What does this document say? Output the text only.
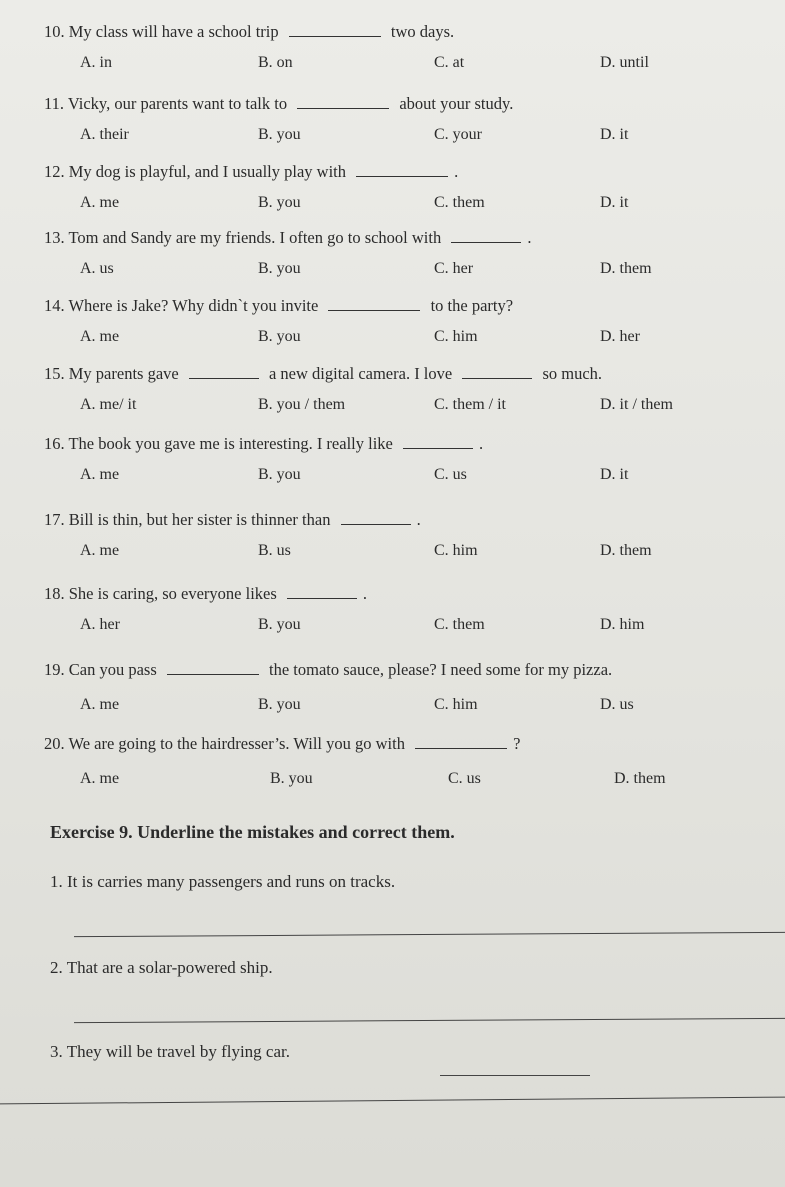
10. My class will have a school trip	two days.
A. in	B. on	C. at	D. until
11. Vicky, our parents want to talk to	about your study.
A. their	B. you	C. your	D. it
12. My dog is playful, and I usually play with	.
A. me	B. you	C. them	D. it
13. Tom and Sandy are my friends. I often go to school with	.
A. us	B. you	C. her	D. them
14. Where is Jake? Why didn`t you invite	to the party?
A. me	B. you	C. him	D. her
15. My parents gave	a new digital camera. I love	so much.
A. me/ it	B. you / them	C. them / it	D. it / them
16. The book you gave me is interesting. I really like	.
A. me	B. you	C. us	D. it
17. Bill is thin, but her sister is thinner than	.
A. me	B. us	C. him	D. them
18. She is caring, so everyone likes	.
A. her	B. you	C. them	D. him
19. Can you pass	the tomato sauce, please? I need some for my pizza.
A. me	B. you	C. him	D. us
20. We are going to the hairdresser’s. Will you go with	?
A. me	B. you	C. us	D. them
Exercise 9. Underline the mistakes and correct them.
1. It is carries many passengers and runs on tracks.
2. That are a solar-powered ship.
3. They will be travel by flying car.
